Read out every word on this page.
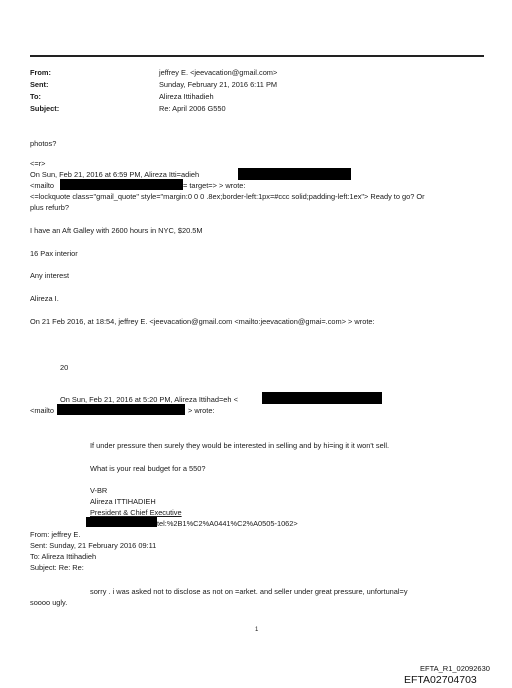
From:
Sent:
To:
Subject:
jeffrey E. <jeevacation@gmail.com>
Sunday, February 21, 2016 6:11 PM
Alireza Ittihadieh
Re: April 2006 G550
photos?
<=r>
On Sun, Feb 21, 2016 at 6:59 PM, Alireza Itti=adieh
<mailto	= target=> > wrote:
<=lockquote class="gmail_quote" style="margin:0 0 0 .8ex;border-left:1px=#ccc solid;padding-left:1ex"> Ready to go? Or
plus refurb?
I have an Aft Galley with 2600 hours in NYC, $20.5M
16 Pax interior
Any interest
Alireza I.
On 21 Feb 2016, at 18:54, jeffrey E. <jeevacation@gmail.com <mailto:jeevacation@gmai=.com> > wrote:
20
On Sun, Feb 21, 2016 at 5:20 PM, Alireza Ittihad=eh <
<mailto	> wrote:
If under pressure then surely they would be interested in selling and by hi=ing it it won't sell.
What is your real budget for a 550?
V-BR
Alireza ITTIHADIEH
President & Chief Executive
tel:%2B1%C2%A0441%C2%A0505-1062>
From: jeffrey E.
Sent: Sunday, 21 February 2016 09:11
To: Alireza Ittihadieh
Subject: Re: Re:
sorry . i was asked not to disclose as not on =arket. and seller under great pressure, unfortunal=y
soooo ugly.
1
EFTA_R1_02092630
EFTA02704703
